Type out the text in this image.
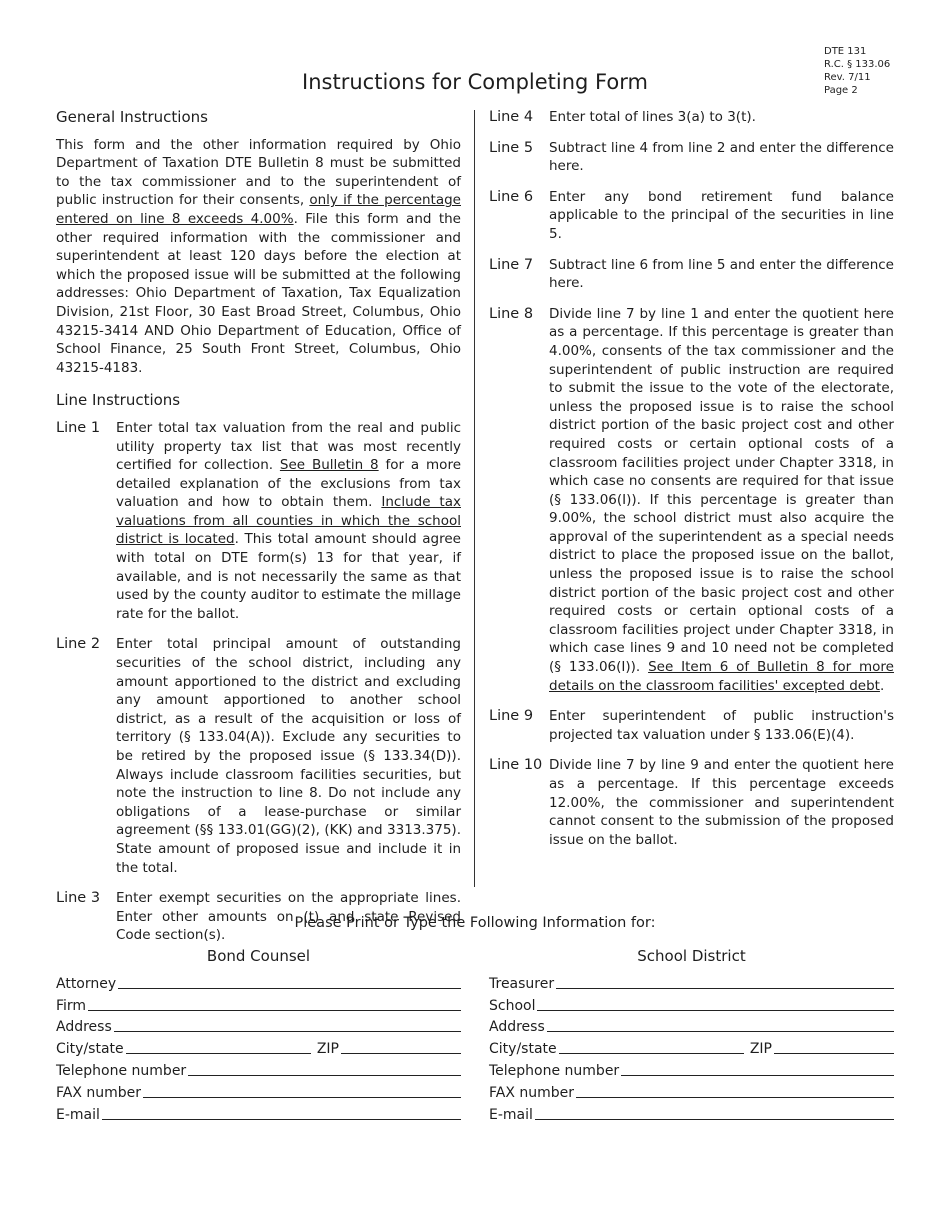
DTE 131
R.C. § 133.06
Rev. 7/11
Page 2
Instructions for Completing Form
General Instructions

This form and the other information required by Ohio Department of Taxation DTE Bulletin 8 must be submitted to the tax commissioner and to the superintendent of public instruction for their consents, only if the percentage entered on line 8 exceeds 4.00%. File this form and the other required information with the commissioner and superintendent at least 120 days before the election at which the proposed issue will be submitted at the following addresses: Ohio Department of Taxation, Tax Equalization Division, 21st Floor, 30 East Broad Street, Columbus, Ohio 43215-3414 AND Ohio Department of Education, Office of School Finance, 25 South Front Street, Columbus, Ohio 43215-4183.

Line Instructions
Line 1	Enter total tax valuation from the real and public utility property tax list that was most recently certified for collection. See Bulletin 8 for a more detailed explanation of the exclusions from tax valuation and how to obtain them. Include tax valuations from all counties in which the school district is located. This total amount should agree with total on DTE form(s) 13 for that year, if available, and is not necessarily the same as that used by the county auditor to estimate the millage rate for the ballot.
Line 2	Enter total principal amount of outstanding securities of the school district, including any amount apportioned to the district and excluding any amount apportioned to another school district, as a result of the acquisition or loss of territory (§ 133.04(A)). Exclude any securities to be retired by the proposed issue (§ 133.34(D)). Always include classroom facilities securities, but note the instruction to line 8. Do not include any obligations of a lease-purchase or similar agreement (§§ 133.01(GG)(2), (KK) and 3313.375). State amount of proposed issue and include it in the total.
Line 3	Enter exempt securities on the appropriate lines. Enter other amounts on (t) and state Revised Code section(s).
Line 4	Enter total of lines 3(a) to 3(t).
Line 5	Subtract line 4 from line 2 and enter the difference here.
Line 6	Enter any bond retirement fund balance applicable to the principal of the securities in line 5.
Line 7	Subtract line 6 from line 5 and enter the difference here.
Line 8	Divide line 7 by line 1 and enter the quotient here as a percentage. If this percentage is greater than 4.00%, consents of the tax commissioner and the superintendent of public instruction are required to submit the issue to the vote of the electorate, unless the proposed issue is to raise the school district portion of the basic project cost and other required costs or certain optional costs of a classroom facilities project under Chapter 3318, in which case no consents are required for that issue (§ 133.06(I)). If this percentage is greater than 9.00%, the school district must also acquire the approval of the superintendent as a special needs district to place the proposed issue on the ballot, unless the proposed issue is to raise the school district portion of the basic project cost and other required costs or certain optional costs of a classroom facilities project under Chapter 3318, in which case lines 9 and 10 need not be completed (§ 133.06(I)). See Item 6 of Bulletin 8 for more details on the classroom facilities' excepted debt.
Line 9	Enter superintendent of public instruction's projected tax valuation under § 133.06(E)(4).
Line 10 Divide line 7 by line 9 and enter the quotient here as a percentage. If this percentage exceeds 12.00%, the commissioner and superintendent cannot consent to the submission of the proposed issue on the ballot.
Please Print or Type the Following Information for:
Bond Counsel
Attorney
Firm
Address
City/state	ZIP
Telephone number
FAX number
E-mail
School District
Treasurer
School
Address
City/state	ZIP
Telephone number
FAX number
E-mail
